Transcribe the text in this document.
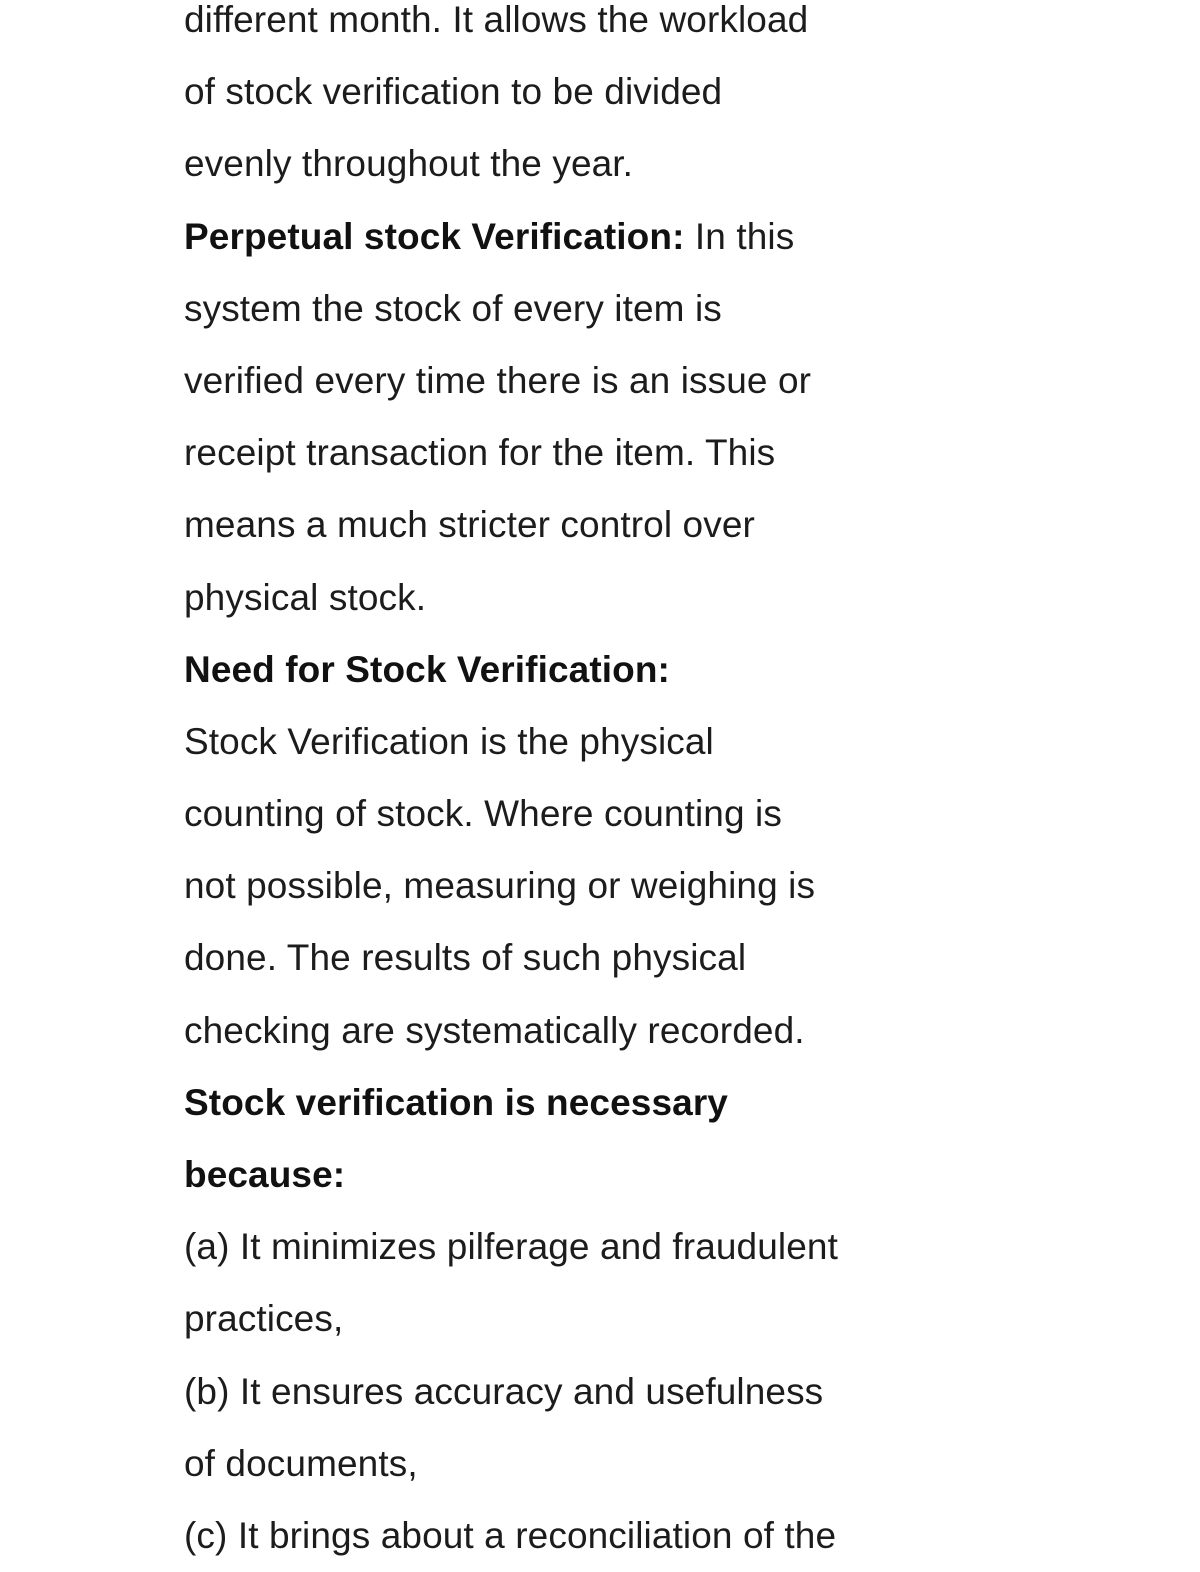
different month. It allows the workload
of stock verification to be divided
evenly throughout the year.
Perpetual stock Verification: In this
system the stock of every item is
verified every time there is an issue or
receipt transaction for the item. This
means a much stricter control over
physical stock.
Need for Stock Verification:
Stock Verification is the physical
counting of stock. Where counting is
not possible, measuring or weighing is
done. The results of such physical
checking are systematically recorded.
Stock verification is necessary
because:
(a) It minimizes pilferage and fraudulent
practices,
(b) It ensures accuracy and usefulness
of documents,
(c) It brings about a reconciliation of the
